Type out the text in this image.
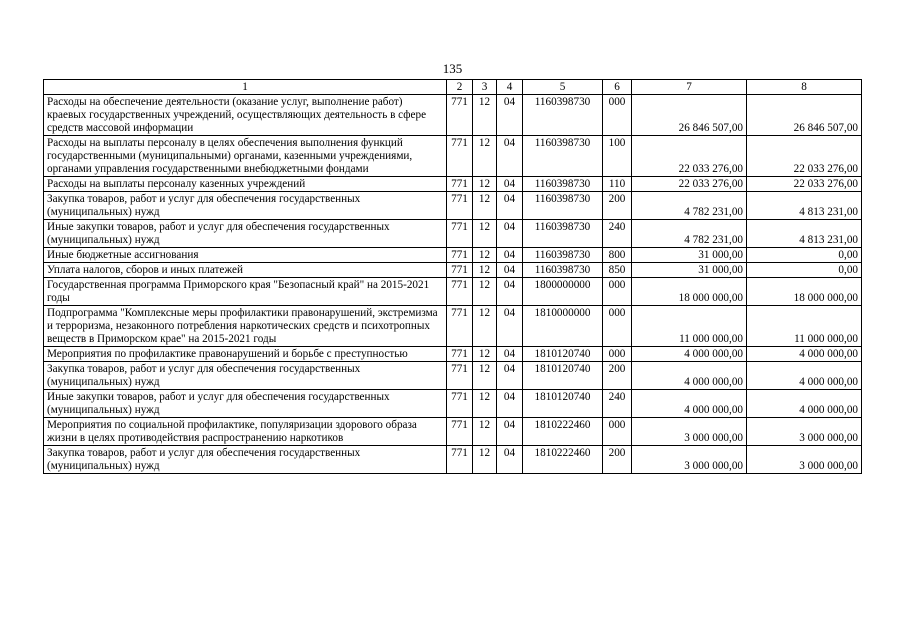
135
1	2	3	4	5	6	7	8
Расходы на обеспечение деятельности (оказание услуг, выполнение работ) краевых государственных учреждений, осуществляющих деятельность в сфере средств массовой информации	771	12	04	1160398730	000	26 846 507,00	26 846 507,00
Расходы на выплаты персоналу в целях обеспечения выполнения функций государственными (муниципальными) органами, казенными учреждениями, органами управления государственными внебюджетными фондами	771	12	04	1160398730	100	22 033 276,00	22 033 276,00
Расходы на выплаты персоналу казенных учреждений	771	12	04	1160398730	110	22 033 276,00	22 033 276,00
Закупка товаров, работ и услуг для обеспечения государственных (муниципальных) нужд	771	12	04	1160398730	200	4 782 231,00	4 813 231,00
Иные закупки товаров, работ и услуг для обеспечения государственных (муниципальных) нужд	771	12	04	1160398730	240	4 782 231,00	4 813 231,00
Иные бюджетные ассигнования	771	12	04	1160398730	800	31 000,00	0,00
Уплата налогов, сборов и иных платежей	771	12	04	1160398730	850	31 000,00	0,00
Государственная программа Приморского края "Безопасный край" на 2015-2021 годы	771	12	04	1800000000	000	18 000 000,00	18 000 000,00
Подпрограмма "Комплексные меры профилактики правонарушений, экстремизма и терроризма, незаконного потребления наркотических средств и психотропных веществ в Приморском крае" на 2015-2021 годы	771	12	04	1810000000	000	11 000 000,00	11 000 000,00
Мероприятия по профилактике правонарушений и борьбе с преступностью	771	12	04	1810120740	000	4 000 000,00	4 000 000,00
Закупка товаров, работ и услуг для обеспечения государственных (муниципальных) нужд	771	12	04	1810120740	200	4 000 000,00	4 000 000,00
Иные закупки товаров, работ и услуг для обеспечения государственных (муниципальных) нужд	771	12	04	1810120740	240	4 000 000,00	4 000 000,00
Мероприятия по социальной профилактике, популяризации здорового образа жизни в целях противодействия распространению наркотиков	771	12	04	1810222460	000	3 000 000,00	3 000 000,00
Закупка товаров, работ и услуг для обеспечения государственных (муниципальных) нужд	771	12	04	1810222460	200	3 000 000,00	3 000 000,00
